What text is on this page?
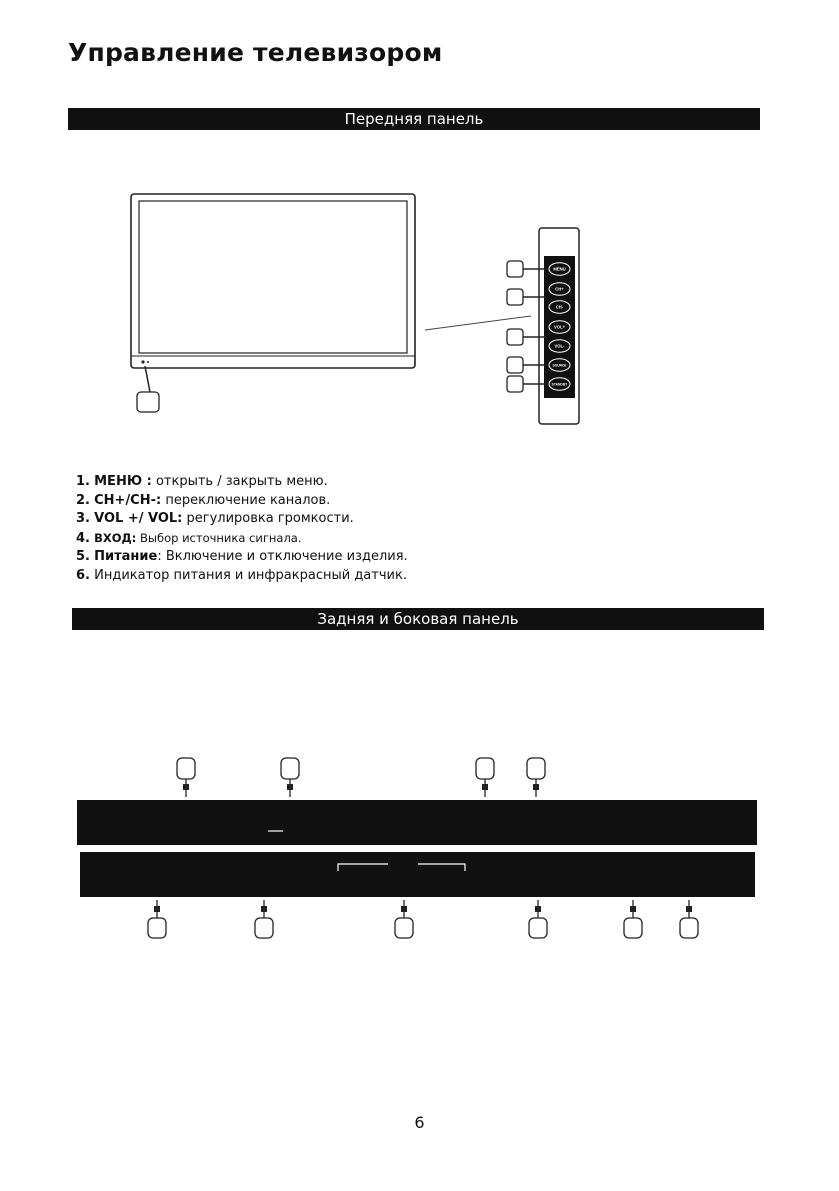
Управление телевизором
Передняя панель
MENU
CH+
CH-
VOL+
VOL-
SOURCE
STANDBY
1. МЕНЮ : открыть / закрыть меню.
2. CH+/CH-: переключение каналов.
3. VOL +/ VOL: регулировка громкости.
4. ВХОД: Выбор источника сигнала.
5. Питание: Включение и отключение изделия.
6. Индикатор питания и инфракрасный датчик.
Задняя и боковая панель
6
